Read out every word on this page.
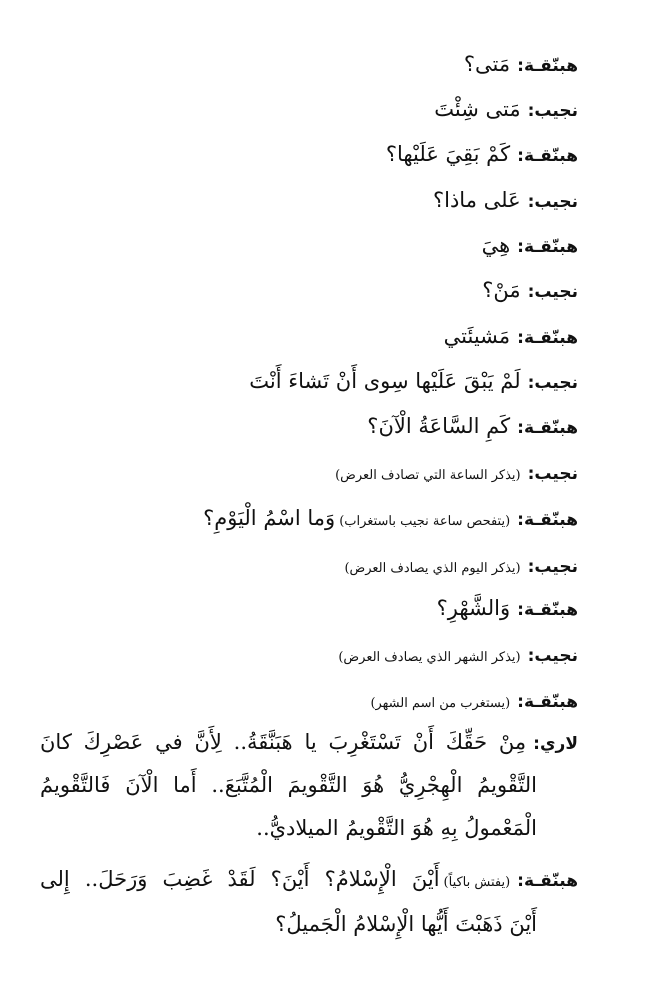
هبنّقـة
:
مَتى؟
نجيب
:
مَتى شِئْتَ
هبنّقـة
:
كَمْ بَقِيَ عَلَيْها؟
نجيب
:
عَلى ماذا؟
هبنّقـة
:
هِيَ
نجيب
:
مَنْ؟
هبنّقـة
:
مَشيئَتي
نجيب
:
لَمْ يَبْقَ عَلَيْها سِوى أَنْ تَشاءَ أَنْتَ
هبنّقـة
:
كَمِ السَّاعَةُ الْآنَ؟
نجيب
:
(يذكر الساعة التي تصادف العرض)
هبنّقـة
:
(يتفحص ساعة نجيب باستغراب)
وَما اسْمُ الْيَوْمِ؟
نجيب
:
(يذكر اليوم الذي يصادف العرض)
هبنّقـة
:
وَالشَّهْرِ؟
نجيب
:
(يذكر الشهر الذي يصادف العرض)
هبنّقـة
:
(يستغرب من اسم الشهر)
لاري
:
مِنْ حَقِّكَ أَنْ تَسْتَغْرِبَ يا هَبَنَّقَةُ.. لِأَنَّ في عَصْرِكَ كانَ
التَّقْويمُ الْهِجْرِيُّ هُوَ التَّقْويمَ الْمُتَّبَعَ.. أَما الْآنَ فَالتَّقْويمُ
الْمَعْمولُ بِهِ هُوَ التَّقْويمُ الميلاديُّ..
هبنّقـة
:
(يفتش باكياً)
أَيْنَ الْإِسْلامُ؟ أَيْنَ؟ لَقَدْ غَضِبَ وَرَحَلَ.. إِلى
أَيْنَ ذَهَبْتَ أَيُّها الْإِسْلامُ الْجَميلُ؟
